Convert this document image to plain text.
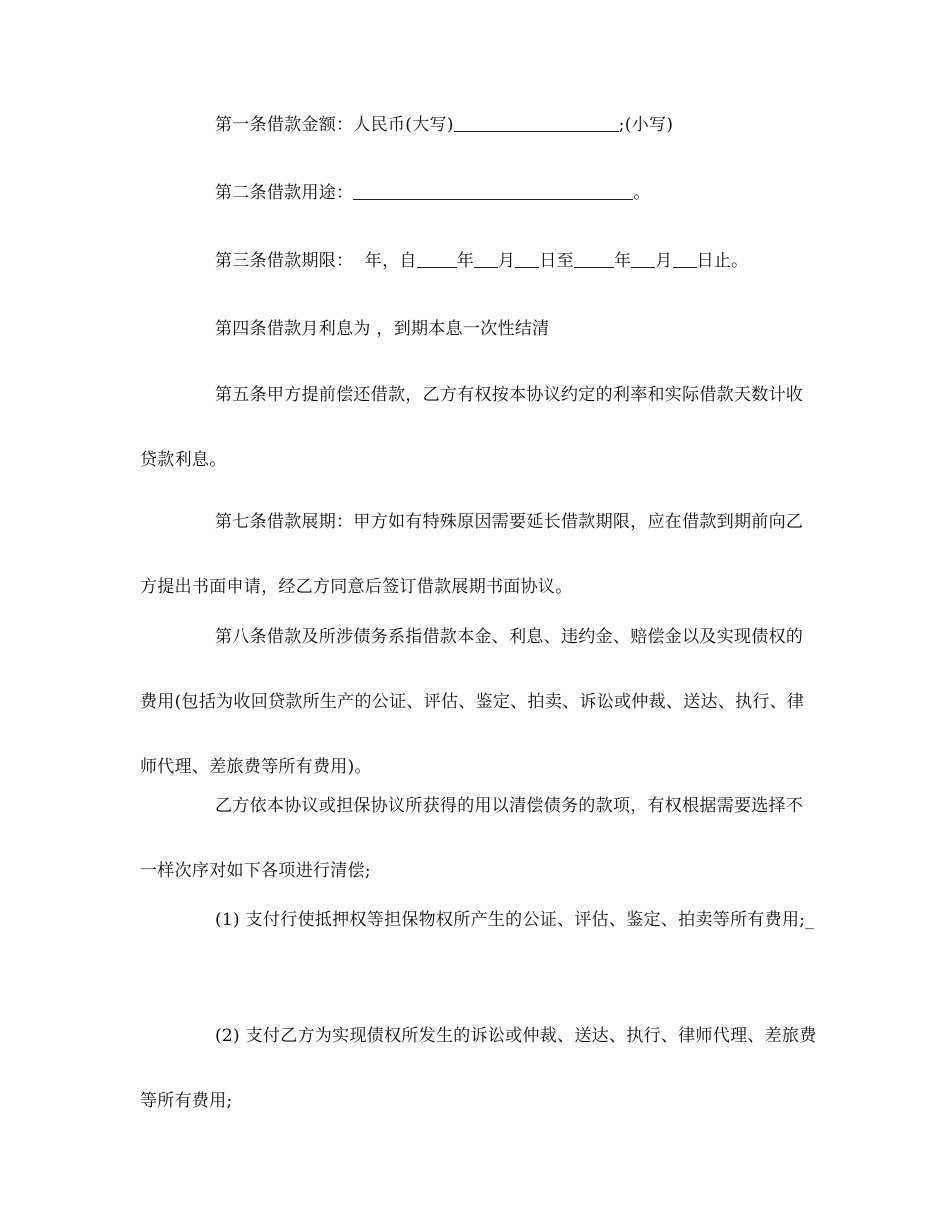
第一条借款金额：人民币(大写)	;(小写)
第二条借款用途：	。
第三条借款期限：  年，自 年 月 日至 年 月 日止。
第四条借款月利息为 ，到期本息一次性结清
第五条甲方提前偿还借款，乙方有权按本协议约定的利率和实际借款天数计收贷款利息。
第七条借款展期：甲方如有特殊原因需要延长借款期限，应在借款到期前向乙方提出书面申请，经乙方同意后签订借款展期书面协议。
第八条借款及所涉债务系指借款本金、利息、违约金、赔偿金以及实现债权的费用(包括为收回贷款所生产的公证、评估、鉴定、拍卖、诉讼或仲裁、送达、执行、律师代理、差旅费等所有费用)。
乙方依本协议或担保协议所获得的用以清偿债务的款项，有权根据需要选择不一样次序对如下各项进行清偿;
(1) 支付行使抵押权等担保物权所产生的公证、评估、鉴定、拍卖等所有费用;_
(2) 支付乙方为实现债权所发生的诉讼或仲裁、送达、执行、律师代理、差旅费等所有费用;
